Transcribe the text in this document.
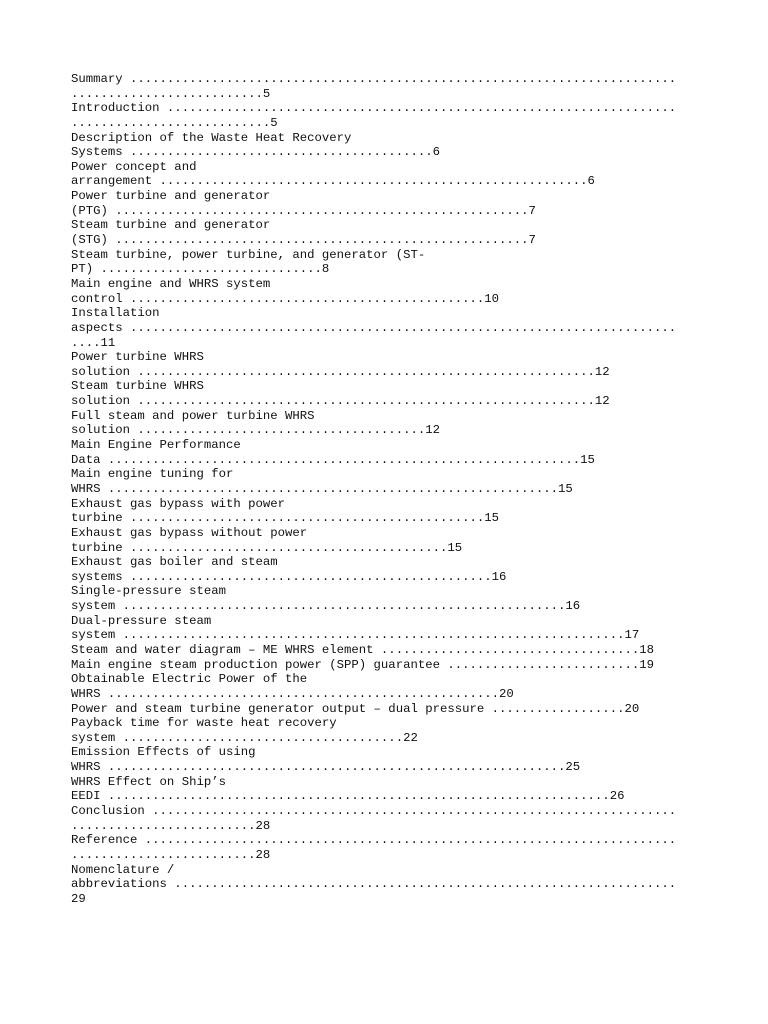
Summary ..........................................................................
..........................5
Introduction .....................................................................
...........................5
Description of the Waste Heat Recovery
Systems .........................................6
Power concept and
arrangement ..........................................................6
Power turbine and generator
(PTG) ........................................................7
Steam turbine and generator
(STG) ........................................................7
Steam turbine, power turbine, and generator (ST-
PT) ..............................8
Main engine and WHRS system
control ................................................10
Installation
aspects ..........................................................................
....11
Power turbine WHRS
solution ..............................................................12
Steam turbine WHRS
solution ..............................................................12
Full steam and power turbine WHRS
solution .......................................12
Main Engine Performance
Data ................................................................15
Main engine tuning for
WHRS .............................................................15
Exhaust gas bypass with power
turbine ................................................15
Exhaust gas bypass without power
turbine ...........................................15
Exhaust gas boiler and steam
systems .................................................16
Single-pressure steam
system ............................................................16
Dual-pressure steam
system ....................................................................17
Steam and water diagram – ME WHRS element ...................................18
Main engine steam production power (SPP) guarantee ..........................19
Obtainable Electric Power of the
WHRS .....................................................20
Power and steam turbine generator output – dual pressure ..................20
Payback time for waste heat recovery
system ......................................22
Emission Effects of using
WHRS ..............................................................25
WHRS Effect on Ship’s
EEDI ....................................................................26
Conclusion .......................................................................
.........................28
Reference ........................................................................
.........................28
Nomenclature /
abbreviations ....................................................................
29
